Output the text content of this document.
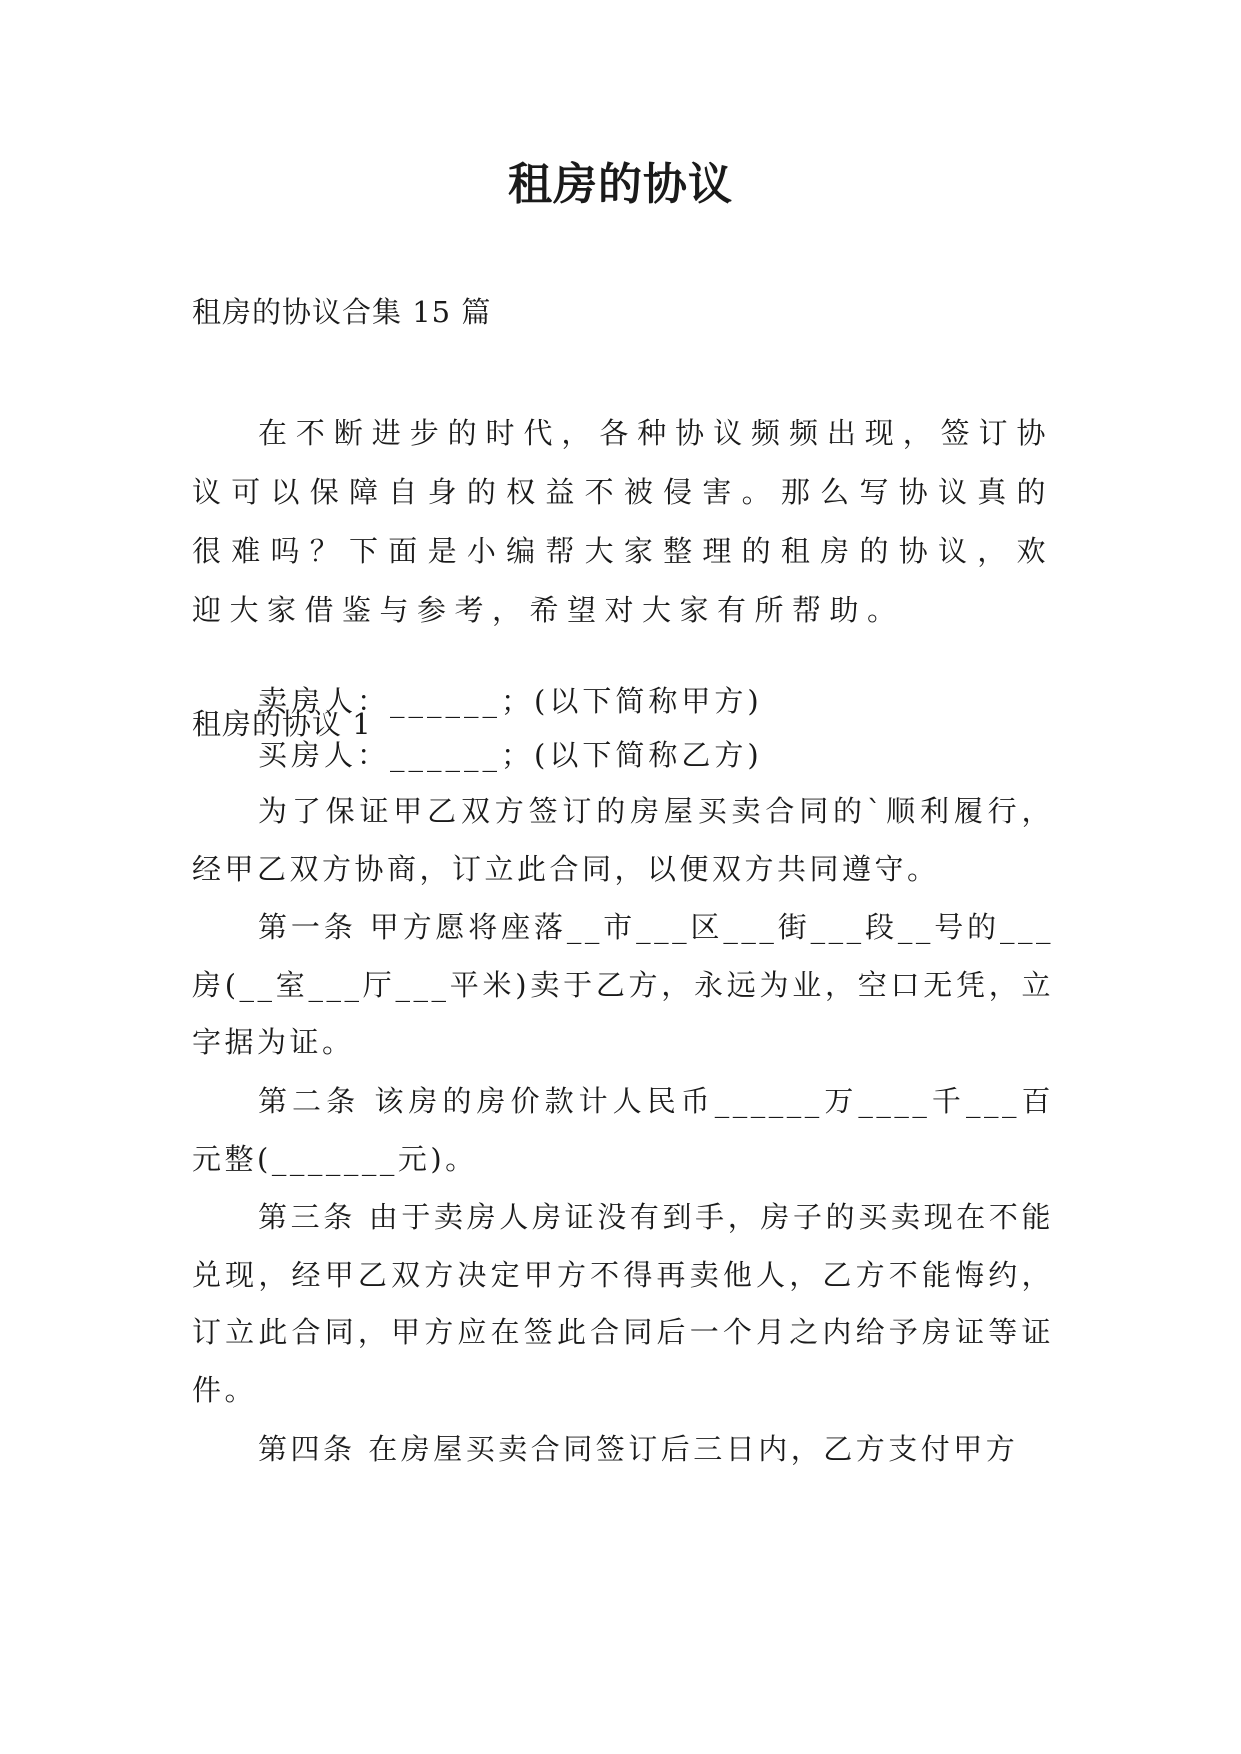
租房的协议
租房的协议合集 15 篇

在不断进步的时代，各种协议频频出现，签订协议可以保障自身的权益不被侵害。那么写协议真的很难吗？下面是小编帮大家整理的租房的协议，欢迎大家借鉴与参考，希望对大家有所帮助。

租房的协议 1
卖房人：______；(以下简称甲方)
买房人：______；(以下简称乙方)

为了保证甲乙双方签订的房屋买卖合同的`顺利履行，经甲乙双方协商，订立此合同，以便双方共同遵守。

第一条 甲方愿将座落__市___区___街___段__号的___房(__室___厅___平米)卖于乙方，永远为业，空口无凭，立字据为证。

第二条 该房的房价款计人民币______万____千___百元整(_______元)。

第三条 由于卖房人房证没有到手，房子的买卖现在不能兑现，经甲乙双方决定甲方不得再卖他人，乙方不能悔约，订立此合同，甲方应在签此合同后一个月之内给予房证等证件。

第四条 在房屋买卖合同签订后三日内，乙方支付甲方
